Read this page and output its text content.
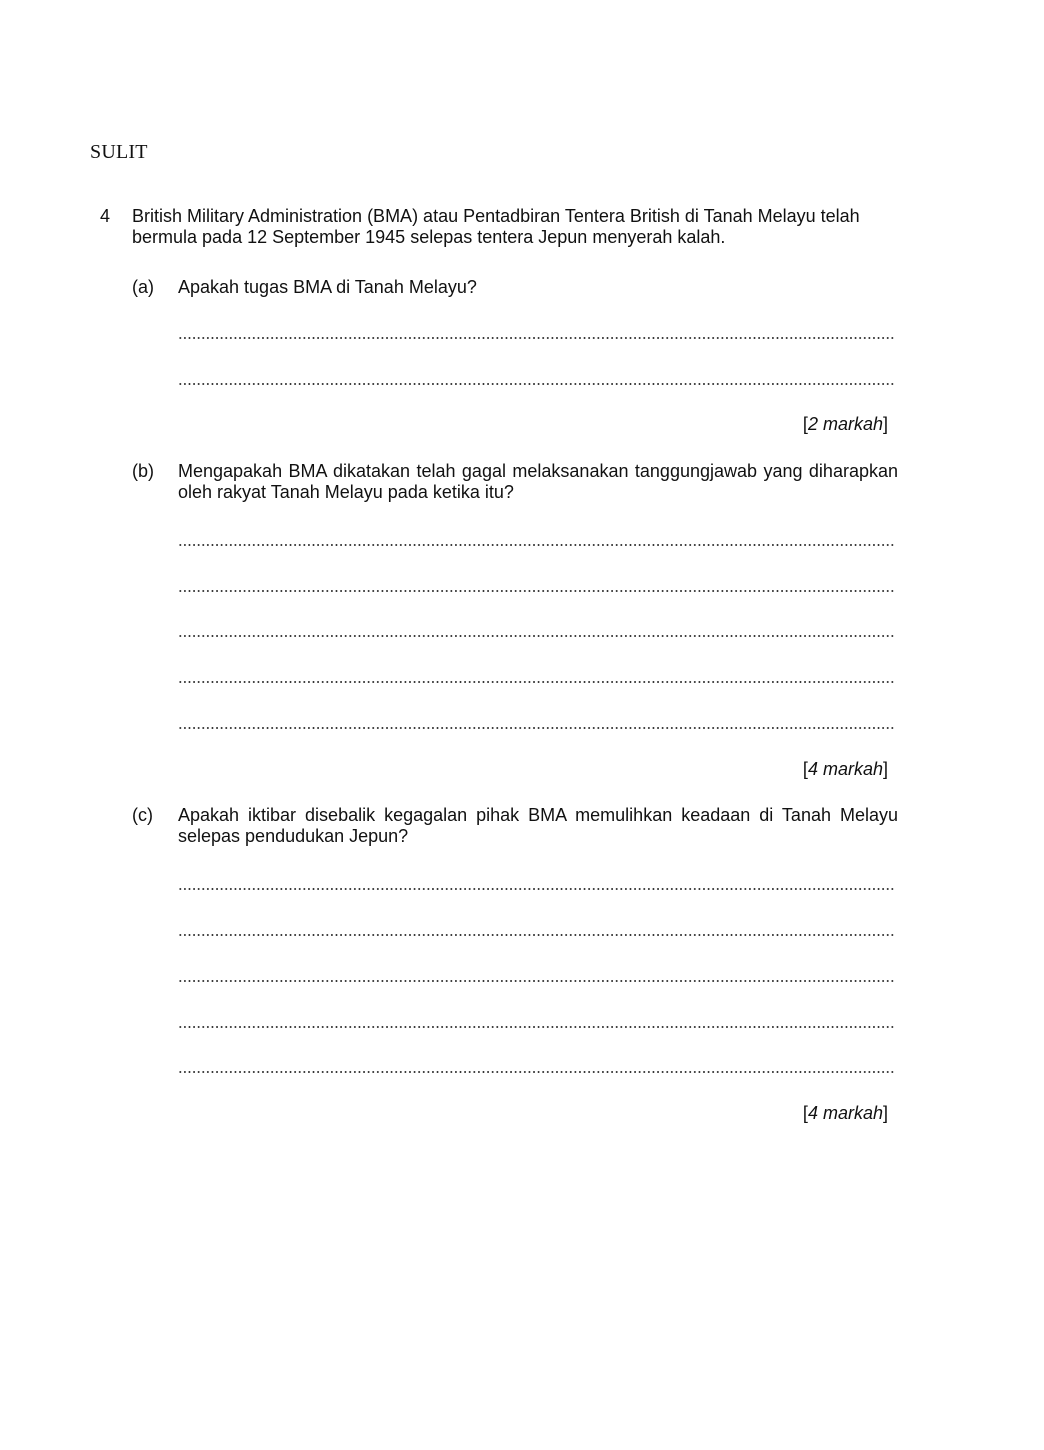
SULIT
4 British Military Administration (BMA) atau Pentadbiran Tentera British di Tanah Melayu telah bermula pada 12 September 1945 selepas tentera Jepun menyerah kalah.
(a) Apakah tugas BMA di Tanah Melayu?
[2 markah]
(b) Mengapakah BMA dikatakan telah gagal melaksanakan tanggungjawab yang diharapkan oleh rakyat Tanah Melayu pada ketika itu?
[4 markah]
(c) Apakah iktibar disebalik kegagalan pihak BMA memulihkan keadaan di Tanah Melayu selepas pendudukan Jepun?
[4 markah]
